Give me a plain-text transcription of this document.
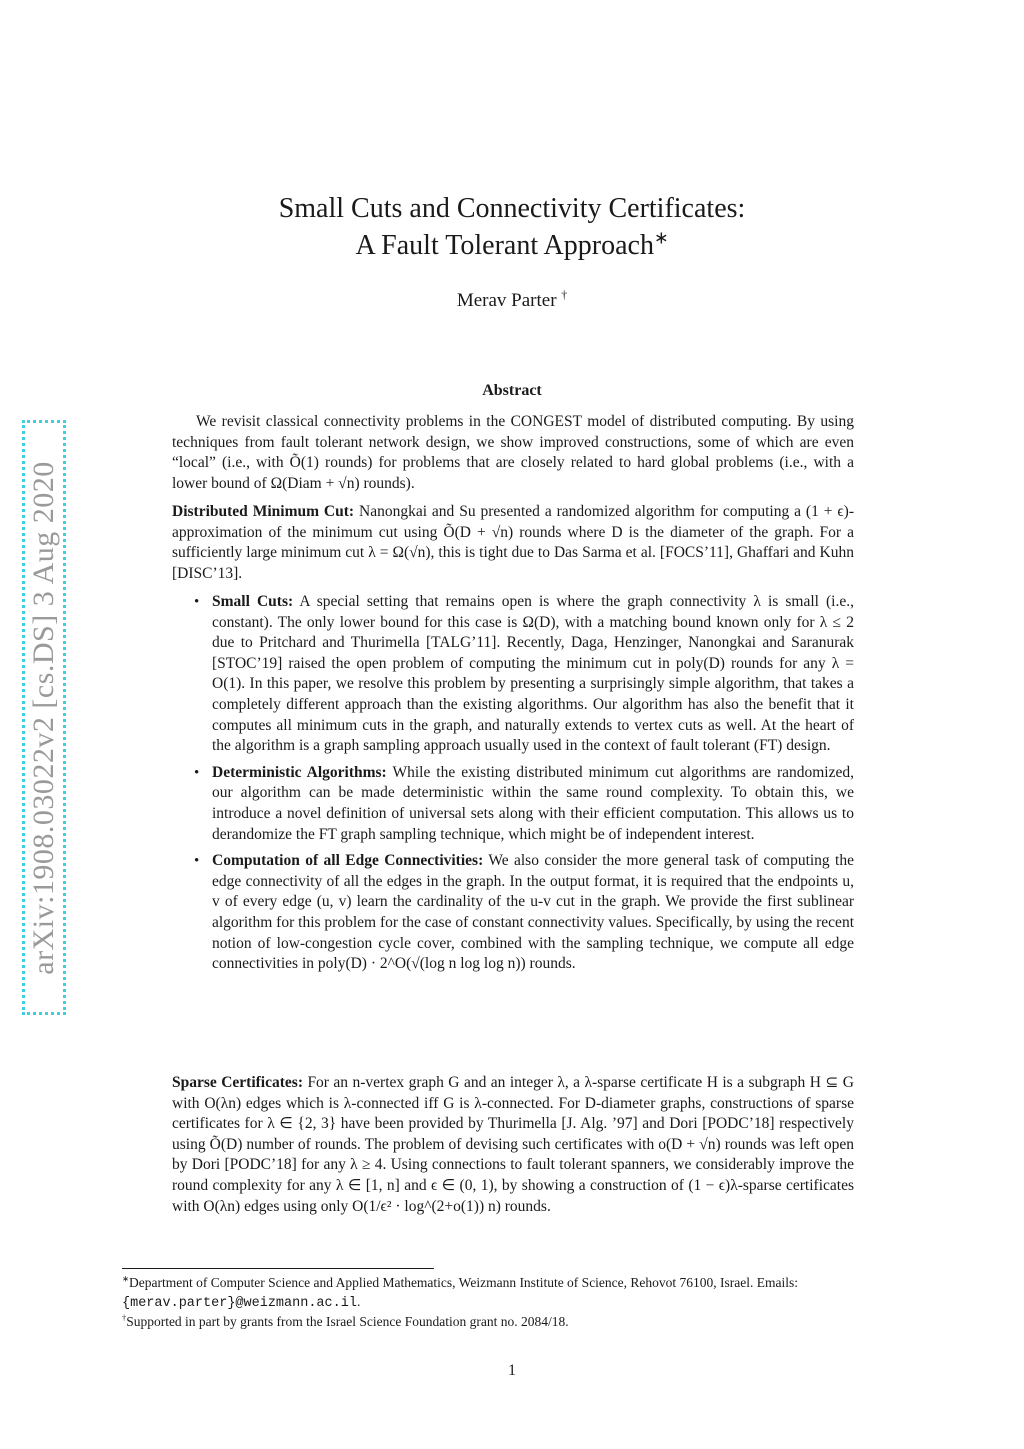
arXiv:1908.03022v2 [cs.DS] 3 Aug 2020
Small Cuts and Connectivity Certificates:
A Fault Tolerant Approach∗
Merav Parter †
Abstract
We revisit classical connectivity problems in the CONGEST model of distributed computing. By using techniques from fault tolerant network design, we show improved constructions, some of which are even “local” (i.e., with Õ(1) rounds) for problems that are closely related to hard global problems (i.e., with a lower bound of Ω(Diam + √n) rounds).
Distributed Minimum Cut: Nanongkai and Su presented a randomized algorithm for computing a (1 + ϵ)-approximation of the minimum cut using Õ(D + √n) rounds where D is the diameter of the graph. For a sufficiently large minimum cut λ = Ω(√n), this is tight due to Das Sarma et al. [FOCS’11], Ghaffari and Kuhn [DISC’13].
• Small Cuts: A special setting that remains open is where the graph connectivity λ is small (i.e., constant). The only lower bound for this case is Ω(D), with a matching bound known only for λ ≤ 2 due to Pritchard and Thurimella [TALG’11]. Recently, Daga, Henzinger, Nanongkai and Saranurak [STOC’19] raised the open problem of computing the minimum cut in poly(D) rounds for any λ = O(1). In this paper, we resolve this problem by presenting a surprisingly simple algorithm, that takes a completely different approach than the existing algorithms. Our algorithm has also the benefit that it computes all minimum cuts in the graph, and naturally extends to vertex cuts as well. At the heart of the algorithm is a graph sampling approach usually used in the context of fault tolerant (FT) design.
• Deterministic Algorithms: While the existing distributed minimum cut algorithms are randomized, our algorithm can be made deterministic within the same round complexity. To obtain this, we introduce a novel definition of universal sets along with their efficient computation. This allows us to derandomize the FT graph sampling technique, which might be of independent interest.
• Computation of all Edge Connectivities: We also consider the more general task of computing the edge connectivity of all the edges in the graph. In the output format, it is required that the endpoints u, v of every edge (u, v) learn the cardinality of the u-v cut in the graph. We provide the first sublinear algorithm for this problem for the case of constant connectivity values. Specifically, by using the recent notion of low-congestion cycle cover, combined with the sampling technique, we compute all edge connectivities in poly(D) · 2^O(√(log n log log n)) rounds.
Sparse Certificates: For an n-vertex graph G and an integer λ, a λ-sparse certificate H is a subgraph H ⊆ G with O(λn) edges which is λ-connected iff G is λ-connected. For D-diameter graphs, constructions of sparse certificates for λ ∈ {2, 3} have been provided by Thurimella [J. Alg. ’97] and Dori [PODC’18] respectively using Õ(D) number of rounds. The problem of devising such certificates with o(D + √n) rounds was left open by Dori [PODC’18] for any λ ≥ 4. Using connections to fault tolerant spanners, we considerably improve the round complexity for any λ ∈ [1, n] and ϵ ∈ (0, 1), by showing a construction of (1 − ϵ)λ-sparse certificates with O(λn) edges using only O(1/ϵ² · log^(2+o(1)) n) rounds.
∗Department of Computer Science and Applied Mathematics, Weizmann Institute of Science, Rehovot 76100, Israel. Emails: {merav.parter}@weizmann.ac.il.
†Supported in part by grants from the Israel Science Foundation grant no. 2084/18.
1
